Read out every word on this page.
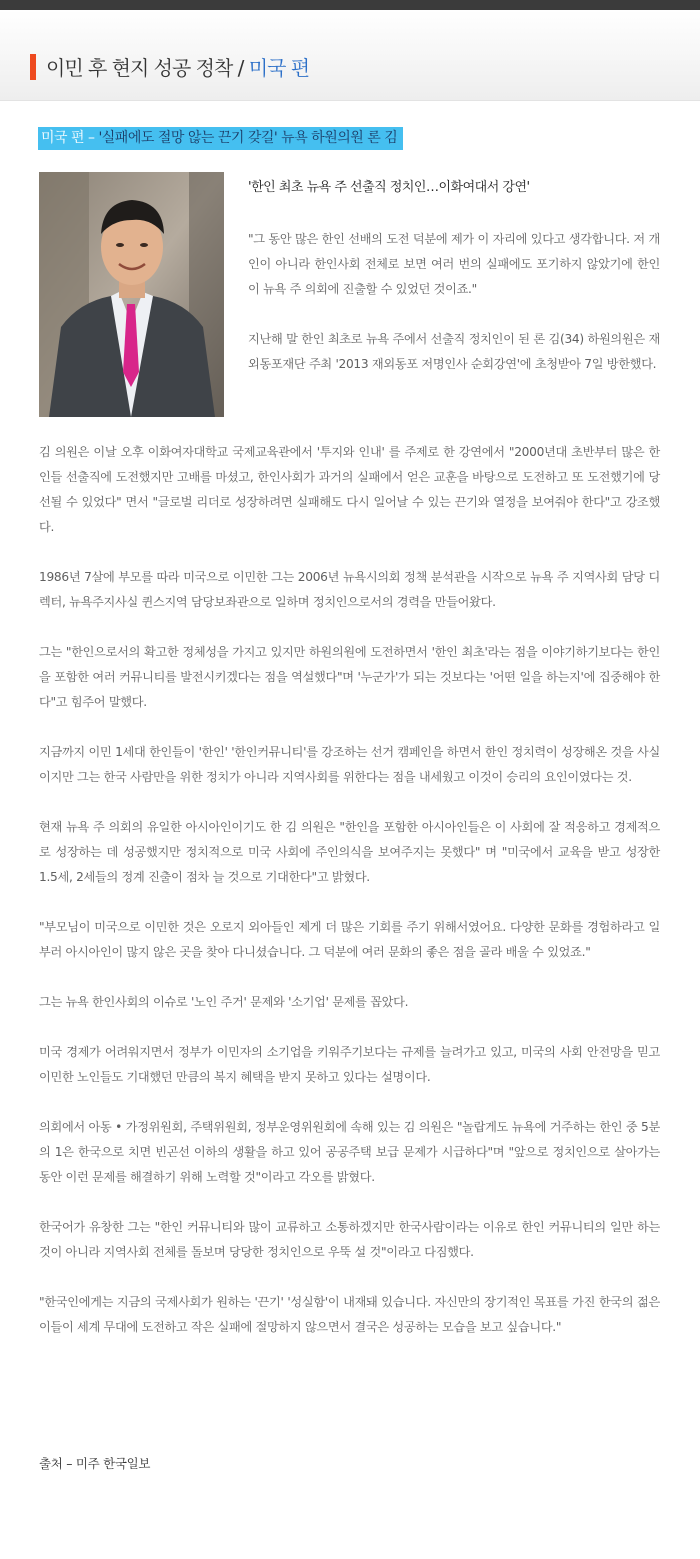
이민 후 현지 성공 정착 / 미국 편
미국 편 – '실패에도 절망 않는 끈기 갖길' 뉴욕 하원의원 론 김
'한인 최초 뉴욕 주 선출직 정치인…이화여대서 강연'

"그 동안 많은 한인 선배의 도전 덕분에 제가 이 자리에 있다고 생각합니다. 저 개인이 아니라 한인사회 전체로 보면 여러 번의 실패에도 포기하지 않았기에 한인이 뉴욕 주 의회에 진출할 수 있었던 것이죠."

지난해 말 한인 최초로 뉴욕 주에서 선출직 정치인이 된 론 김(34) 하원의원은 재외동포재단 주최 '2013 재외동포 저명인사 순회강연'에 초청받아 7일 방한했다.

김 의원은 이날 오후 이화여자대학교 국제교육관에서 '투지와 인내' 를 주제로 한 강연에서 "2000년대 초반부터 많은 한인들 선출직에 도전했지만 고배를 마셨고, 한인사회가 과거의 실패에서 얻은 교훈을 바탕으로 도전하고 또 도전했기에 당선될 수 있었다" 면서 "글로벌 리더로 성장하려면 실패해도 다시 일어날 수 있는 끈기와 열정을 보여줘야 한다"고 강조했다.

1986년 7살에 부모를 따라 미국으로 이민한 그는 2006년 뉴욕시의회 정책 분석관을 시작으로 뉴욕 주 지역사회 담당 디렉터, 뉴욕주지사실 퀸스지역 담당보좌관으로 일하며 정치인으로서의 경력을 만들어왔다.

그는 "한인으로서의 확고한 정체성을 가지고 있지만 하원의원에 도전하면서 '한인 최초'라는 점을 이야기하기보다는 한인을 포함한 여러 커뮤니티를 발전시키겠다는 점을 역설했다"며 '누군가'가 되는 것보다는 '어떤 일을 하는지'에 집중해야 한다"고 힘주어 말했다.

지금까지 이민 1세대 한인들이 '한인' '한인커뮤니티'를 강조하는 선거 캠페인을 하면서 한인 정치력이 성장해온 것을 사실이지만 그는 한국 사람만을 위한 정치가 아니라 지역사회를 위한다는 점을 내세웠고 이것이 승리의 요인이였다는 것.

현재 뉴욕 주 의회의 유일한 아시아인이기도 한 김 의원은 "한인을 포함한 아시아인들은 이 사회에 잘 적응하고 경제적으로 성장하는 데 성공했지만 정치적으로 미국 사회에 주인의식을 보여주지는 못했다" 며 "미국에서 교육을 받고 성장한 1.5세, 2세들의 정계 진출이 점차 늘 것으로 기대한다"고 밝혔다.

"부모님이 미국으로 이민한 것은 오로지 외아들인 제게 더 많은 기회를 주기 위해서였어요. 다양한 문화를 경험하라고 일부러 아시아인이 많지 않은 곳을 찾아 다니셨습니다. 그 덕분에 여러 문화의 좋은 점을 골라 배울 수 있었죠."

그는 뉴욕 한인사회의 이슈로 '노인 주거' 문제와 '소기업' 문제를 꼽았다.

미국 경제가 어려워지면서 정부가 이민자의 소기업을 키워주기보다는 규제를 늘려가고 있고, 미국의 사회 안전망을 믿고 이민한 노인들도 기대했던 만큼의 복지 혜택을 받지 못하고 있다는 설명이다.

의회에서 아동 • 가정위원회, 주택위원회, 정부운영위원회에 속해 있는 김 의원은 "놀랍게도 뉴욕에 거주하는 한인 중 5분의 1은 한국으로 치면 빈곤선 이하의 생활을 하고 있어 공공주택 보급 문제가 시급하다"며 "앞으로 정치인으로 살아가는 동안 이런 문제를 해결하기 위해 노력할 것"이라고 각오를 밝혔다.

한국어가 유창한 그는 "한인 커뮤니티와 많이 교류하고 소통하겠지만 한국사람이라는 이유로 한인 커뮤니티의 일만 하는 것이 아니라 지역사회 전체를 돌보며 당당한 정치인으로 우뚝 설 것"이라고 다짐했다.

"한국인에게는 지금의 국제사회가 원하는 '끈기' '성실함'이 내재돼 있습니다. 자신만의 장기적인 목표를 가진 한국의 젊은이들이 세계 무대에 도전하고 작은 실패에 절망하지 않으면서 결국은 성공하는 모습을 보고 싶습니다."

출처 – 미주 한국일보
